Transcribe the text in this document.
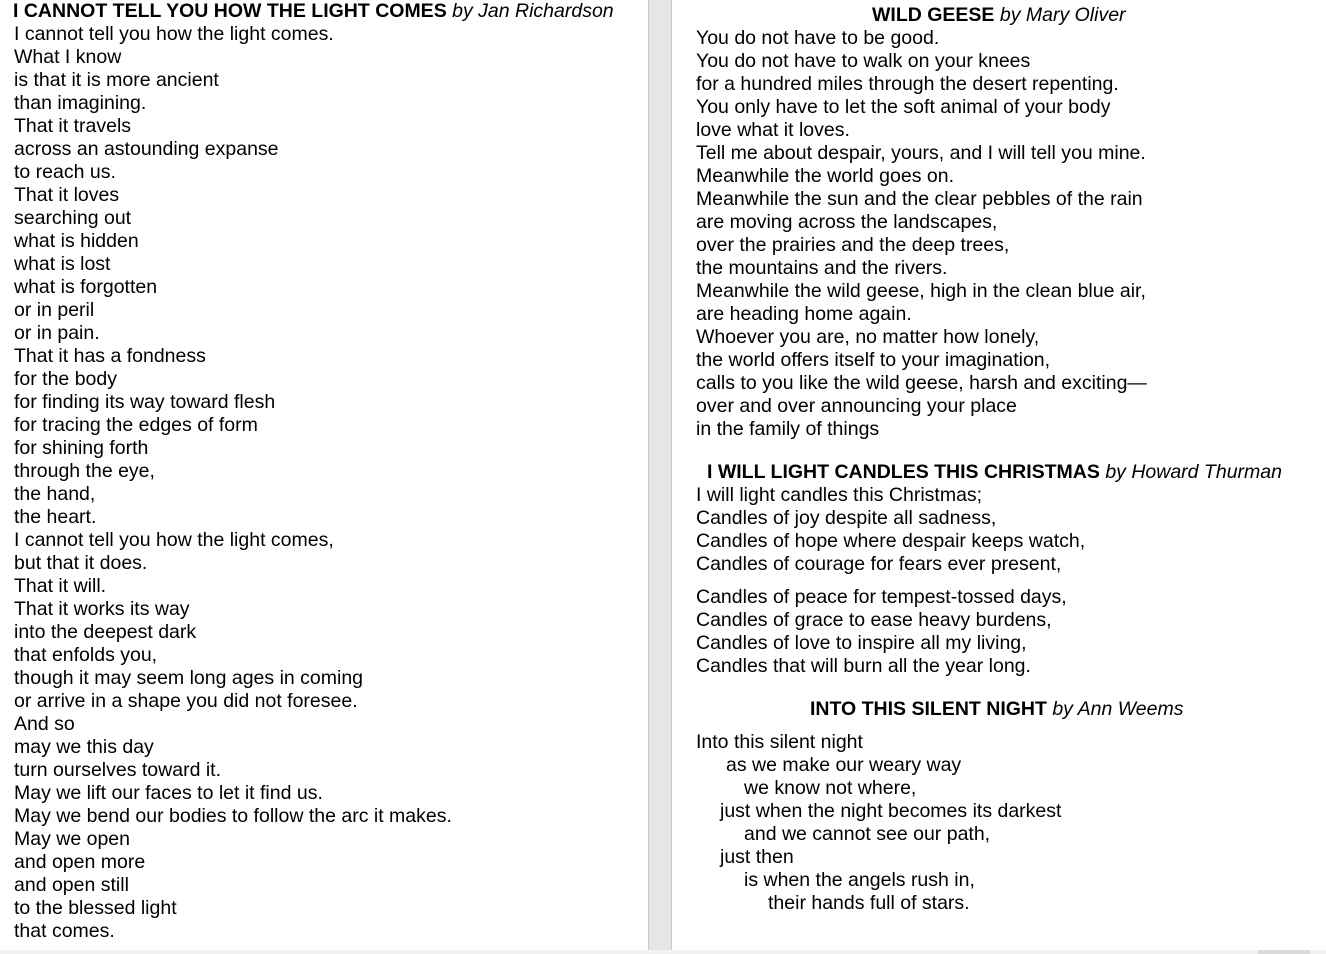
I CANNOT TELL YOU HOW THE LIGHT COMES by Jan Richardson
I cannot tell you how the light comes.
What I know
is that it is more ancient
than imagining.
That it travels
across an astounding expanse
to reach us.
That it loves
searching out
what is hidden
what is lost
what is forgotten
or in peril
or in pain.
That it has a fondness
for the body
for finding its way toward flesh
for tracing the edges of form
for shining forth
through the eye,
the hand,
the heart.
I cannot tell you how the light comes,
but that it does.
That it will.
That it works its way
into the deepest dark
that enfolds you,
though it may seem long ages in coming
or arrive in a shape you did not foresee.
And so
may we this day
turn ourselves toward it.
May we lift our faces to let it find us.
May we bend our bodies to follow the arc it makes.
May we open
and open more
and open still
to the blessed light
that comes.
WILD GEESE by Mary Oliver
You do not have to be good.
You do not have to walk on your knees
for a hundred miles through the desert repenting.
You only have to let the soft animal of your body
love what it loves.
Tell me about despair, yours, and I will tell you mine.
Meanwhile the world goes on.
Meanwhile the sun and the clear pebbles of the rain
are moving across the landscapes,
over the prairies and the deep trees,
the mountains and the rivers.
Meanwhile the wild geese, high in the clean blue air,
are heading home again.
Whoever you are, no matter how lonely,
the world offers itself to your imagination,
calls to you like the wild geese, harsh and exciting—
over and over announcing your place
in the family of things
I WILL LIGHT CANDLES THIS CHRISTMAS by Howard Thurman
I will light candles this Christmas;
Candles of joy despite all sadness,
Candles of hope where despair keeps watch,
Candles of courage for fears ever present,
Candles of peace for tempest-tossed days,
Candles of grace to ease heavy burdens,
Candles of love to inspire all my living,
Candles that will burn all the year long.
INTO THIS SILENT NIGHT by Ann Weems
Into this silent night
as we make our weary way
we know not where,
just when the night becomes its darkest
and we cannot see our path,
just then
is when the angels rush in,
their hands full of stars.
